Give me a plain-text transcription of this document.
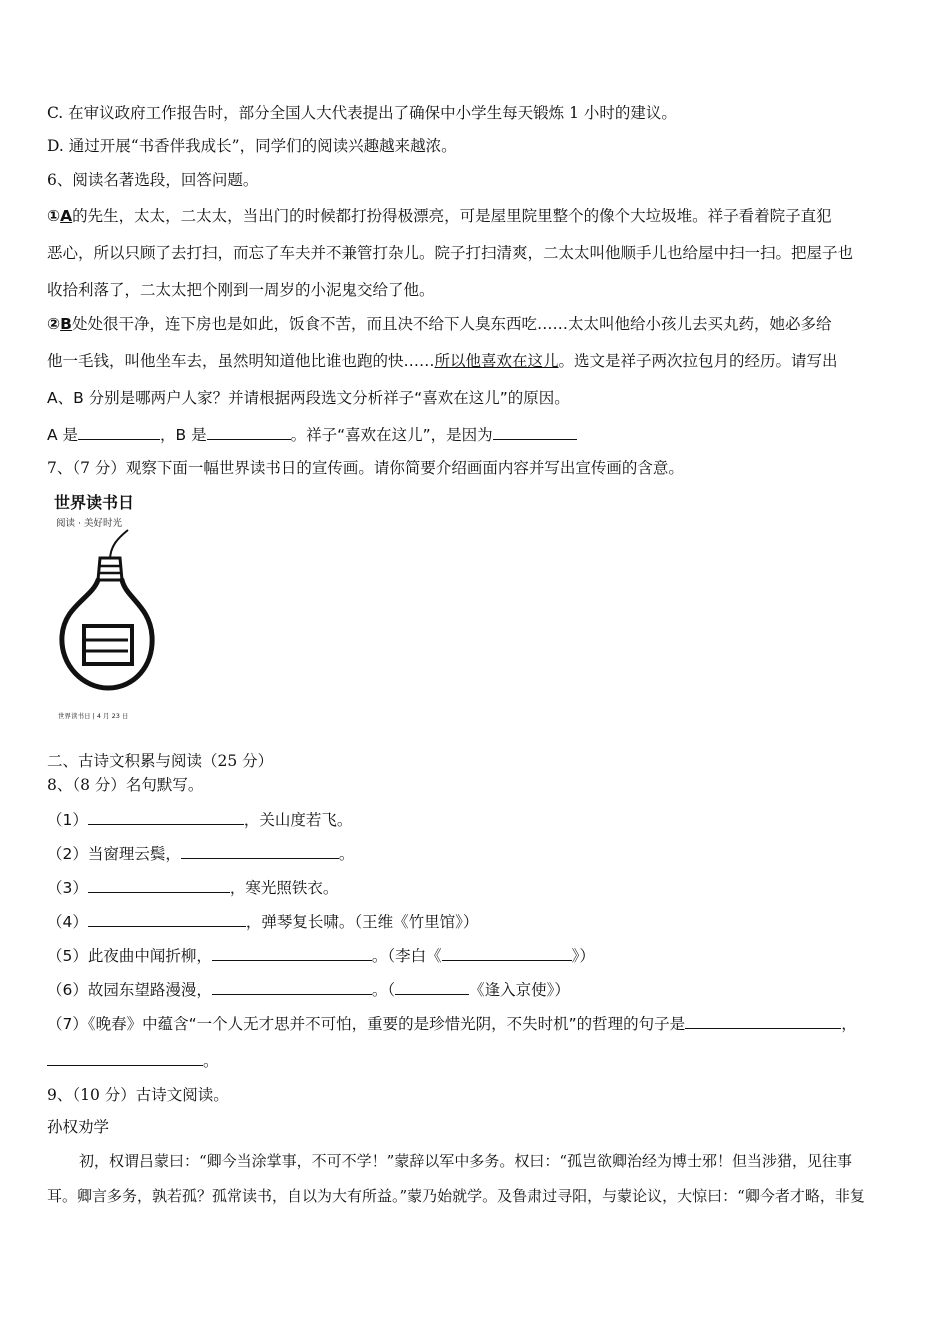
C. 在审议政府工作报告时，部分全国人大代表提出了确保中小学生每天锻炼 1 小时的建议。
D. 通过开展“书香伴我成长”，同学们的阅读兴趣越来越浓。
6、阅读名著选段，回答问题。
①A的先生，太太，二太太，当出门的时候都打扮得极漂亮，可是屋里院里整个的像个大垃圾堆。祥子看着院子直犯
恶心，所以只顾了去打扫，而忘了车夫并不兼管打杂儿。院子打扫清爽，二太太叫他顺手儿也给屋中扫一扫。把屋子也
收拾利落了，二太太把个刚到一周岁的小泥鬼交给了他。
②B处处很干净，连下房也是如此，饭食不苦，而且决不给下人臭东西吃……太太叫他给小孩儿去买丸药，她必多给
他一毛钱，叫他坐车去，虽然明知道他比谁也跑的快……所以他喜欢在这儿。选文是祥子两次拉包月的经历。请写出
A、B 分别是哪两户人家？并请根据两段选文分析祥子“喜欢在这儿”的原因。
A 是	，B 是	。祥子“喜欢在这儿”，是因为
7、（7 分）观察下面一幅世界读书日的宣传画。请你简要介绍画面内容并写出宣传画的含意。
世界读书日
阅读 · 美好时光
世界读书日 | 4 月 23 日
二、古诗文积累与阅读（25 分）
8、（8 分）名句默写。
（1）	，关山度若飞。
（2）当窗理云鬓，	。
（3）	，寒光照铁衣。
（4）	，弹琴复长啸。（王维《竹里馆》）
（5）此夜曲中闻折柳，	。（李白《	》）
（6）故园东望路漫漫，	。（	《逢入京使》）
（7）《晚春》中蕴含“一个人无才思并不可怕，重要的是珍惜光阴，不失时机”的哲理的句子是	，
。
9、（10 分）古诗文阅读。
孙权劝学
初，权谓吕蒙曰：“卿今当涂掌事，不可不学！”蒙辞以军中多务。权曰：“孤岂欲卿治经为博士邪！但当涉猎，见往事
耳。卿言多务，孰若孤？孤常读书，自以为大有所益。”蒙乃始就学。及鲁肃过寻阳，与蒙论议，大惊曰：“卿今者才略，非复
